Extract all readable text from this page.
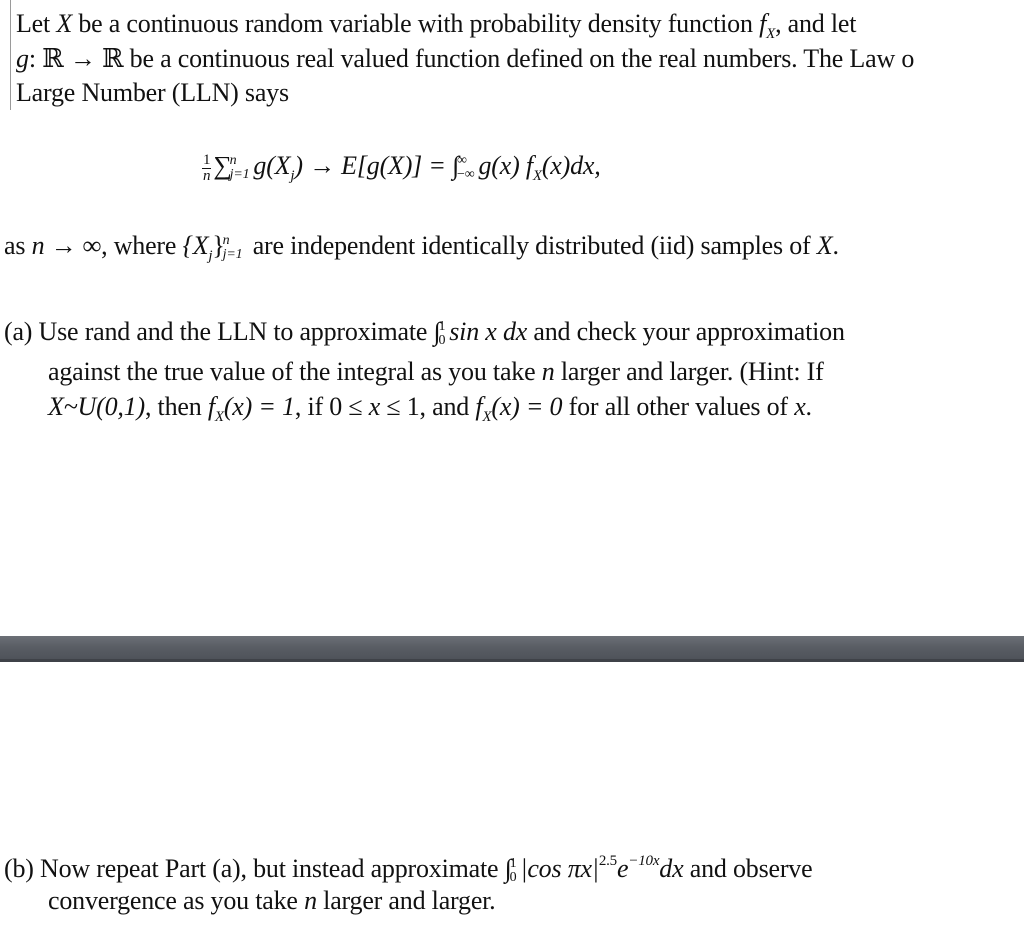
Let X be a continuous random variable with probability density function $f_X$, and let
g: ℝ → ℝ be a continuous real valued function defined on the real numbers. The Law o
Large Number (LLN) says
$\frac{1}{n}$ ∑
n
j=1 $g(X_j) \to E[g(X)]$ = ∫
∞
−∞ g(x) $f_X(x)dx$,
as n → ∞, where $\{X_j\}$
n
j=1 are independent identically distributed (iid) samples of X.
(a) Use rand and the LLN to approximate ∫
1
0 sin x dx and check your approximation
against the true value of the integral as you take n larger and larger. (Hint: If
X~U(0,1), then $f_X(x) = 1$, if 0 ≤ x ≤ 1, and $f_X(x) = 0$ for all other values of x.
(b) Now repeat Part (a), but instead approximate ∫
1
0 |cos $\pi x|^{2.5}e^{-10x}dx$ and observe
convergence as you take n larger and larger.
